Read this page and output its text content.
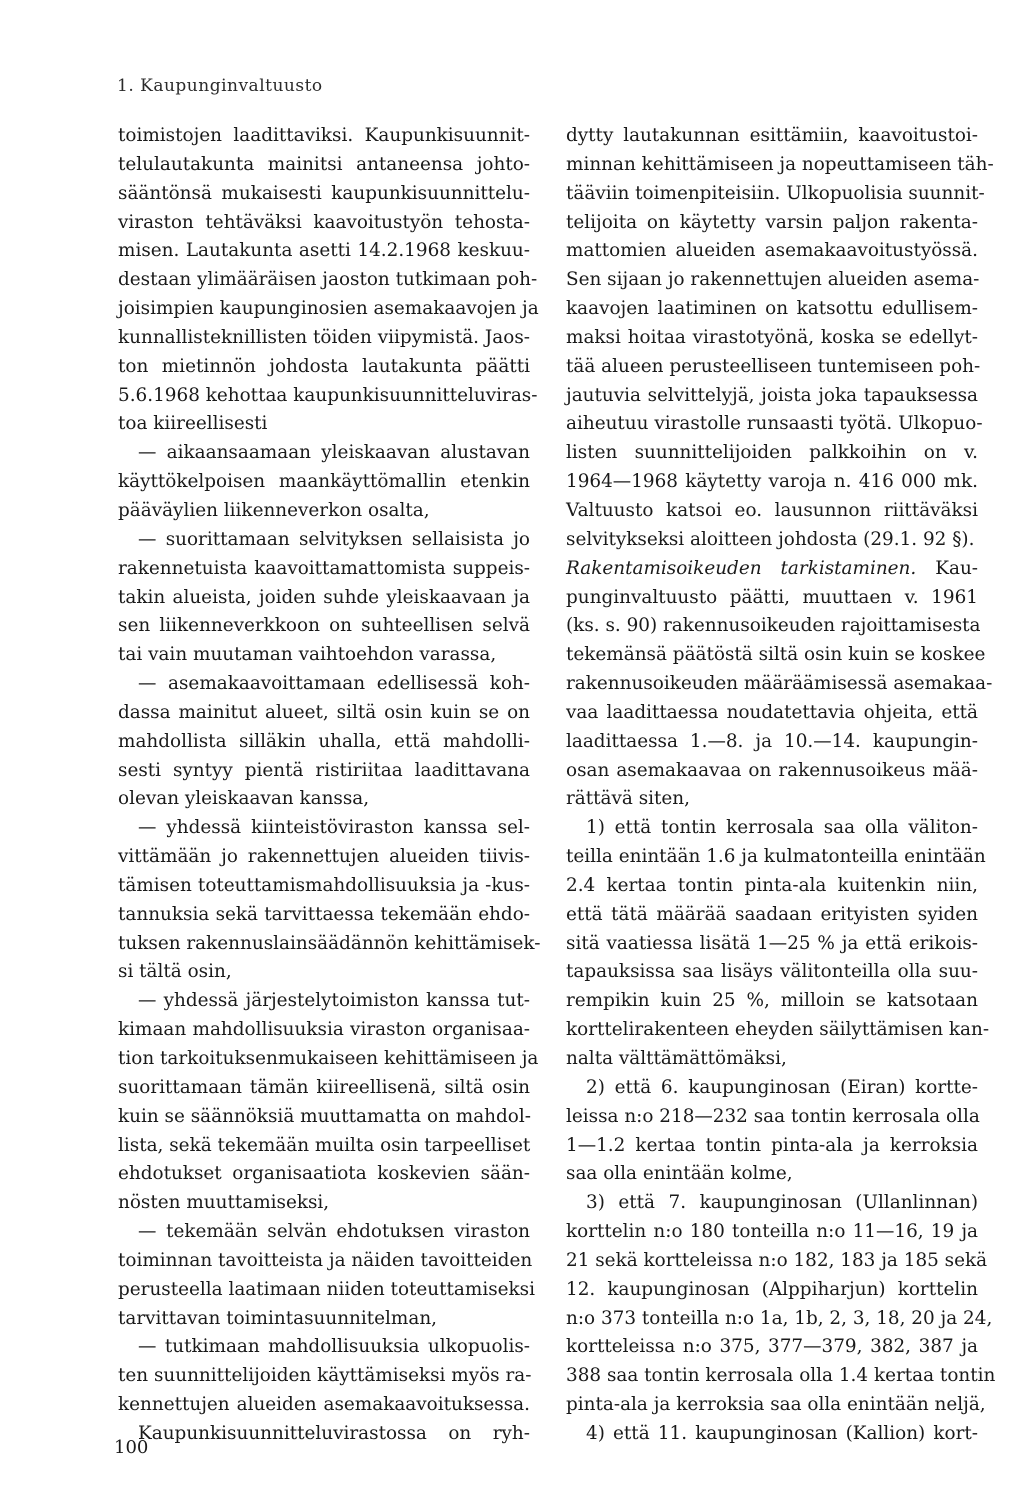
1. Kaupunginvaltuusto
toimistojen laadittaviksi. Kaupunkisuunnit-
telulautakunta mainitsi antaneensa johto-
sääntönsä mukaisesti kaupunkisuunnittelu-
viraston tehtäväksi kaavoitustyön tehosta-
misen. Lautakunta asetti 14.2.1968 keskuu-
destaan ylimääräisen jaoston tutkimaan poh-
joisimpien kaupunginosien asemakaavojen ja
kunnallisteknillisten töiden viipymistä. Jaos-
ton mietinnön johdosta lautakunta päätti
5.6.1968 kehottaa kaupunkisuunnitteluviras-
toa kiireellisesti
— aikaansaamaan yleiskaavan alustavan
käyttökelpoisen maankäyttömallin etenkin
pääväylien liikenneverkon osalta,
— suorittamaan selvityksen sellaisista jo
rakennetuista kaavoittamattomista suppeis-
takin alueista, joiden suhde yleiskaavaan ja
sen liikenneverkkoon on suhteellisen selvä
tai vain muutaman vaihtoehdon varassa,
— asemakaavoittamaan edellisessä koh-
dassa mainitut alueet, siltä osin kuin se on
mahdollista silläkin uhalla, että mahdolli-
sesti syntyy pientä ristiriitaa laadittavana
olevan yleiskaavan kanssa,
— yhdessä kiinteistöviraston kanssa sel-
vittämään jo rakennettujen alueiden tiivis-
tämisen toteuttamismahdollisuuksia ja -kus-
tannuksia sekä tarvittaessa tekemään ehdo-
tuksen rakennuslainsäädännön kehittämisek-
si tältä osin,
— yhdessä järjestelytoimiston kanssa tut-
kimaan mahdollisuuksia viraston organisaa-
tion tarkoituksenmukaiseen kehittämiseen ja
suorittamaan tämän kiireellisenä, siltä osin
kuin se säännöksiä muuttamatta on mahdol-
lista, sekä tekemään muilta osin tarpeelliset
ehdotukset organisaatiota koskevien sään-
nösten muuttamiseksi,
— tekemään selvän ehdotuksen viraston
toiminnan tavoitteista ja näiden tavoitteiden
perusteella laatimaan niiden toteuttamiseksi
tarvittavan toimintasuunnitelman,
— tutkimaan mahdollisuuksia ulkopuolis-
ten suunnittelijoiden käyttämiseksi myös ra-
kennettujen alueiden asemakaavoituksessa.
Kaupunkisuunnitteluvirastossa on ryh-
dytty lautakunnan esittämiin, kaavoitustoi-
minnan kehittämiseen ja nopeuttamiseen täh-
tääviin toimenpiteisiin. Ulkopuolisia suunnit-
telijoita on käytetty varsin paljon rakenta-
mattomien alueiden asemakaavoitustyössä.
Sen sijaan jo rakennettujen alueiden asema-
kaavojen laatiminen on katsottu edullisem-
maksi hoitaa virastotyönä, koska se edellyt-
tää alueen perusteelliseen tuntemiseen poh-
jautuvia selvittelyjä, joista joka tapauksessa
aiheutuu virastolle runsaasti työtä. Ulkopuo-
listen suunnittelijoiden palkkoihin on v.
1964—1968 käytetty varoja n. 416 000 mk.
Valtuusto katsoi eo. lausunnon riittäväksi
selvitykseksi aloitteen johdosta (29.1. 92 §).
Rakentamisoikeuden tarkistaminen. Kau-
punginvaltuusto päätti, muuttaen v. 1961
(ks. s. 90) rakennusoikeuden rajoittamisesta
tekemänsä päätöstä siltä osin kuin se koskee
rakennusoikeuden määräämisessä asemakaa-
vaa laadittaessa noudatettavia ohjeita, että
laadittaessa 1.—8. ja 10.—14. kaupungin-
osan asemakaavaa on rakennusoikeus mää-
rättävä siten,
1) että tontin kerrosala saa olla väliton-
teilla enintään 1.6 ja kulmatonteilla enintään
2.4 kertaa tontin pinta-ala kuitenkin niin,
että tätä määrää saadaan erityisten syiden
sitä vaatiessa lisätä 1—25 % ja että erikois-
tapauksissa saa lisäys välitonteilla olla suu-
rempikin kuin 25 %, milloin se katsotaan
korttelirakenteen eheyden säilyttämisen kan-
nalta välttämättömäksi,
2) että 6. kaupunginosan (Eiran) kortte-
leissa n:o 218—232 saa tontin kerrosala olla
1—1.2 kertaa tontin pinta-ala ja kerroksia
saa olla enintään kolme,
3) että 7. kaupunginosan (Ullanlinnan)
korttelin n:o 180 tonteilla n:o 11—16, 19 ja
21 sekä kortteleissa n:o 182, 183 ja 185 sekä
12. kaupunginosan (Alppiharjun) korttelin
n:o 373 tonteilla n:o 1a, 1b, 2, 3, 18, 20 ja 24,
kortteleissa n:o 375, 377—379, 382, 387 ja
388 saa tontin kerrosala olla 1.4 kertaa tontin
pinta-ala ja kerroksia saa olla enintään neljä,
4) että 11. kaupunginosan (Kallion) kort-
100
